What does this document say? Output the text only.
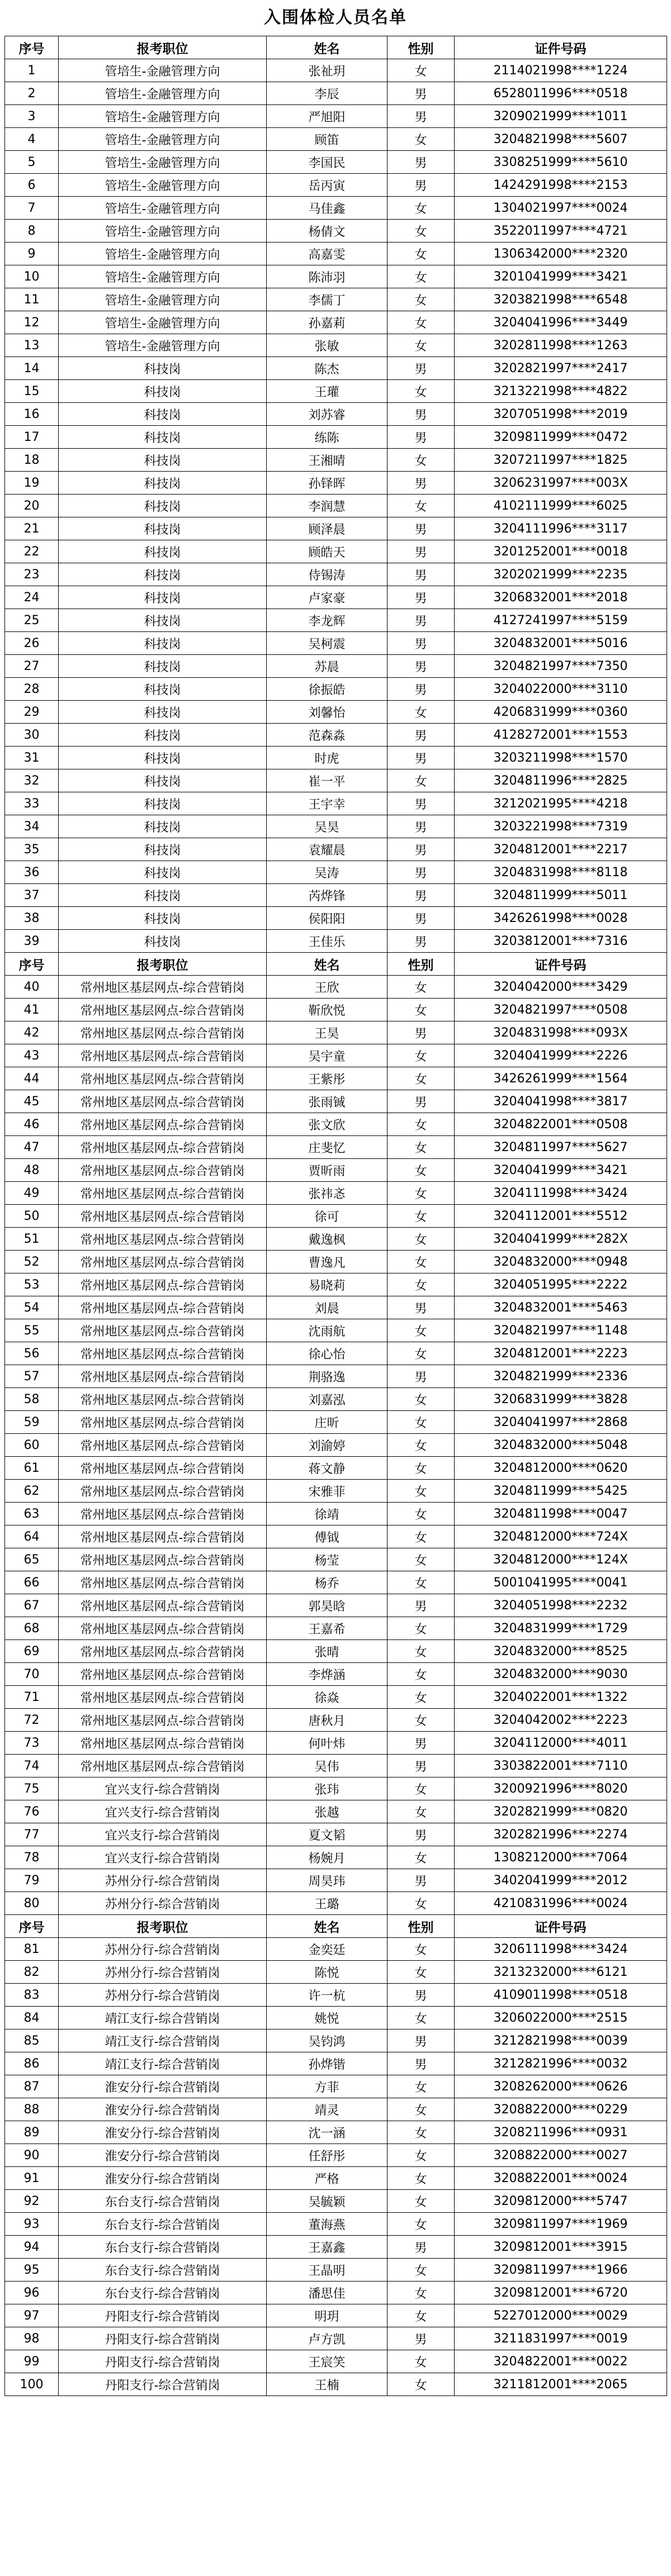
入围体检人员名单
序号	报考职位	姓名	性别	证件号码
1	管培生-金融管理方向	张祉玥	女	2114021998****1224
2	管培生-金融管理方向	李辰	男	6528011996****0518
3	管培生-金融管理方向	严旭阳	男	3209021999****1011
4	管培生-金融管理方向	顾笛	女	3204821998****5607
5	管培生-金融管理方向	李国民	男	3308251999****5610
6	管培生-金融管理方向	岳丙寅	男	1424291998****2153
7	管培生-金融管理方向	马佳鑫	女	1304021997****0024
8	管培生-金融管理方向	杨倩文	女	3522011997****4721
9	管培生-金融管理方向	高嘉雯	女	1306342000****2320
10	管培生-金融管理方向	陈沛羽	女	3201041999****3421
11	管培生-金融管理方向	李儒丁	女	3203821998****6548
12	管培生-金融管理方向	孙嘉莉	女	3204041996****3449
13	管培生-金融管理方向	张敏	女	3202811998****1263
14	科技岗	陈杰	男	3202821997****2417
15	科技岗	王瓘	女	3213221998****4822
16	科技岗	刘苏睿	男	3207051998****2019
17	科技岗	练陈	男	3209811999****0472
18	科技岗	王湘晴	女	3207211997****1825
19	科技岗	孙铎晖	男	3206231997****003X
20	科技岗	李润慧	女	4102111999****6025
21	科技岗	顾泽晨	男	3204111996****3117
22	科技岗	顾皓天	男	3201252001****0018
23	科技岗	侍锡涛	男	3202021999****2235
24	科技岗	卢家豪	男	3206832001****2018
25	科技岗	李龙辉	男	4127241997****5159
26	科技岗	吴柯震	男	3204832001****5016
27	科技岗	苏晨	男	3204821997****7350
28	科技岗	徐振皓	男	3204022000****3110
29	科技岗	刘馨怡	女	4206831999****0360
30	科技岗	范森淼	男	4128272001****1553
31	科技岗	时虎	男	3203211998****1570
32	科技岗	崔一平	女	3204811996****2825
33	科技岗	王宇幸	男	3212021995****4218
34	科技岗	吴昊	男	3203221998****7319
35	科技岗	袁耀晨	男	3204812001****2217
36	科技岗	吴涛	男	3204831998****8118
37	科技岗	芮烨锋	男	3204811999****5011
38	科技岗	侯阳阳	男	3426261998****0028
39	科技岗	王佳乐	男	3203812001****7316
序号	报考职位	姓名	性别	证件号码
40	常州地区基层网点-综合营销岗	王欣	女	3204042000****3429
41	常州地区基层网点-综合营销岗	靳欣悦	女	3204821997****0508
42	常州地区基层网点-综合营销岗	王昊	男	3204831998****093X
43	常州地区基层网点-综合营销岗	吴宇童	女	3204041999****2226
44	常州地区基层网点-综合营销岗	王紫彤	女	3426261999****1564
45	常州地区基层网点-综合营销岗	张雨铖	男	3204041998****3817
46	常州地区基层网点-综合营销岗	张文欣	女	3204822001****0508
47	常州地区基层网点-综合营销岗	庄斐忆	女	3204811997****5627
48	常州地区基层网点-综合营销岗	贾昕雨	女	3204041999****3421
49	常州地区基层网点-综合营销岗	张祎忞	女	3204111998****3424
50	常州地区基层网点-综合营销岗	徐可	女	3204112001****5512
51	常州地区基层网点-综合营销岗	戴逸枫	女	3204041999****282X
52	常州地区基层网点-综合营销岗	曹逸凡	女	3204832000****0948
53	常州地区基层网点-综合营销岗	易晓莉	女	3204051995****2222
54	常州地区基层网点-综合营销岗	刘晨	男	3204832001****5463
55	常州地区基层网点-综合营销岗	沈雨航	女	3204821997****1148
56	常州地区基层网点-综合营销岗	徐心怡	女	3204812001****2223
57	常州地区基层网点-综合营销岗	荆骆逸	男	3204821999****2336
58	常州地区基层网点-综合营销岗	刘嘉泓	女	3206831999****3828
59	常州地区基层网点-综合营销岗	庄昕	女	3204041997****2868
60	常州地区基层网点-综合营销岗	刘渝婷	女	3204832000****5048
61	常州地区基层网点-综合营销岗	蒋文静	女	3204812000****0620
62	常州地区基层网点-综合营销岗	宋雅菲	女	3204811999****5425
63	常州地区基层网点-综合营销岗	徐靖	女	3204811998****0047
64	常州地区基层网点-综合营销岗	傅钺	女	3204812000****724X
65	常州地区基层网点-综合营销岗	杨莹	女	3204812000****124X
66	常州地区基层网点-综合营销岗	杨乔	女	5001041995****0041
67	常州地区基层网点-综合营销岗	郭昊晗	男	3204051998****2232
68	常州地区基层网点-综合营销岗	王嘉希	女	3204831999****1729
69	常州地区基层网点-综合营销岗	张晴	女	3204832000****8525
70	常州地区基层网点-综合营销岗	李烨涵	女	3204832000****9030
71	常州地区基层网点-综合营销岗	徐焱	女	3204022001****1322
72	常州地区基层网点-综合营销岗	唐秋月	女	3204042002****2223
73	常州地区基层网点-综合营销岗	何叶炜	男	3204112000****4011
74	常州地区基层网点-综合营销岗	吴伟	男	3303822001****7110
75	宜兴支行-综合营销岗	张玮	女	3200921996****8020
76	宜兴支行-综合营销岗	张越	女	3202821999****0820
77	宜兴支行-综合营销岗	夏文韬	男	3202821996****2274
78	宜兴支行-综合营销岗	杨婉月	女	1308212000****7064
79	苏州分行-综合营销岗	周昊玮	男	3402041999****2012
80	苏州分行-综合营销岗	王璐	女	4210831996****0024
序号	报考职位	姓名	性别	证件号码
81	苏州分行-综合营销岗	金奕廷	女	3206111998****3424
82	苏州分行-综合营销岗	陈悦	女	3213232000****6121
83	苏州分行-综合营销岗	许一杭	男	4109011998****0518
84	靖江支行-综合营销岗	姚悦	女	3206022000****2515
85	靖江支行-综合营销岗	吴钧鸿	男	3212821998****0039
86	靖江支行-综合营销岗	孙烨锴	男	3212821996****0032
87	淮安分行-综合营销岗	方菲	女	3208262000****0626
88	淮安分行-综合营销岗	靖灵	女	3208822000****0229
89	淮安分行-综合营销岗	沈一涵	女	3208211996****0931
90	淮安分行-综合营销岗	任舒彤	女	3208822000****0027
91	淮安分行-综合营销岗	严格	女	3208822001****0024
92	东台支行-综合营销岗	吴毓颖	女	3209812000****5747
93	东台支行-综合营销岗	董海燕	女	3209811997****1969
94	东台支行-综合营销岗	王嘉鑫	男	3209812001****3915
95	东台支行-综合营销岗	王晶明	女	3209811997****1966
96	东台支行-综合营销岗	潘思佳	女	3209812001****6720
97	丹阳支行-综合营销岗	明玥	女	5227012000****0029
98	丹阳支行-综合营销岗	卢方凯	男	3211831997****0019
99	丹阳支行-综合营销岗	王宸笑	女	3204822001****0022
100	丹阳支行-综合营销岗	王楠	女	3211812001****2065
